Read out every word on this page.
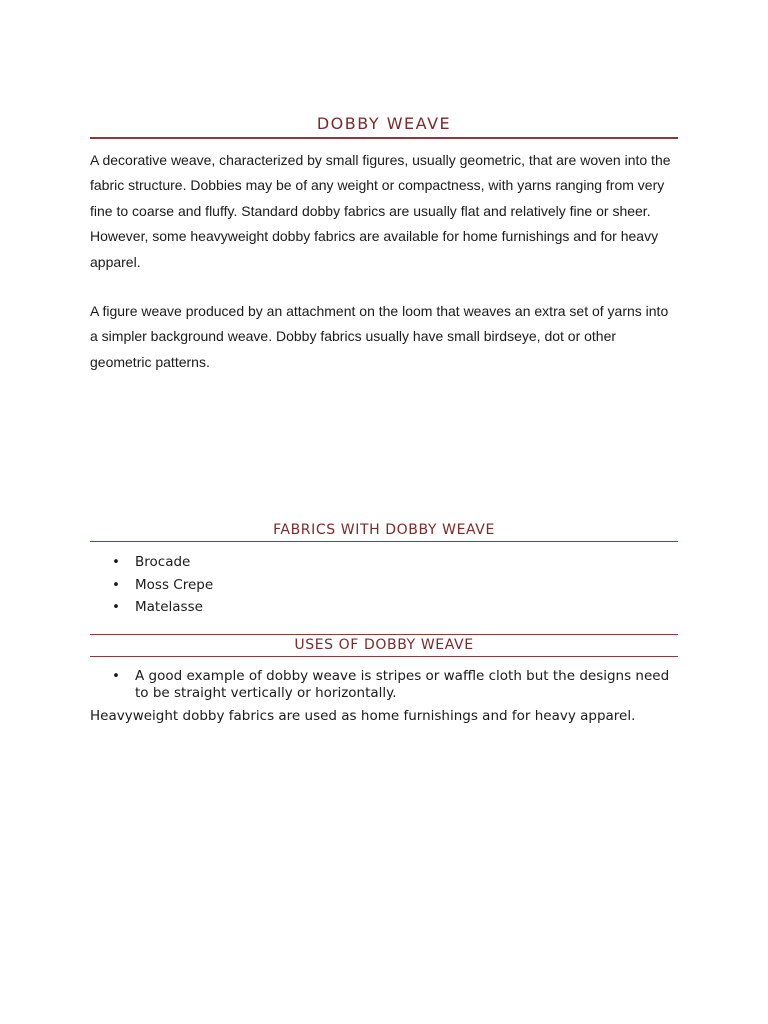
DOBBY WEAVE

A decorative weave, characterized by small figures, usually geometric, that are woven into the fabric structure. Dobbies may be of any weight or compactness, with yarns ranging from very fine to coarse and fluffy. Standard dobby fabrics are usually flat and relatively fine or sheer. However, some heavyweight dobby fabrics are available for home furnishings and for heavy apparel.

A figure weave produced by an attachment on the loom that weaves an extra set of yarns into a simpler background weave. Dobby fabrics usually have small birdseye, dot or other geometric patterns.

FABRICS WITH DOBBY WEAVE
• Brocade
• Moss Crepe
• Matelasse
USES OF DOBBY WEAVE
• A good example of dobby weave is stripes or waffle cloth but the designs need to be straight vertically or horizontally.

Heavyweight dobby fabrics are used as home furnishings and for heavy apparel.
